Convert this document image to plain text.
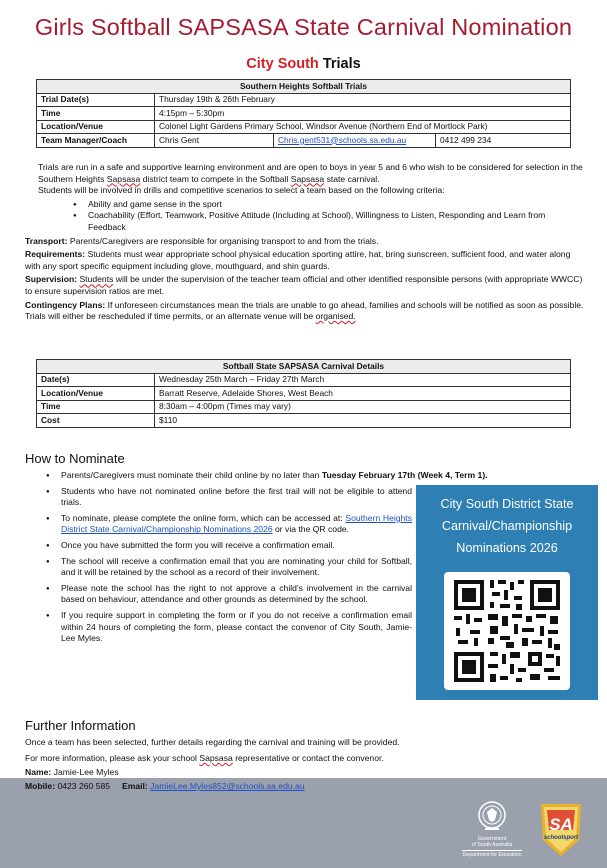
Girls Softball SAPSASA State Carnival Nomination
City South Trials
Southern Heights Softball Trials			
Trial Date(s)	Thursday 19th & 26th February		
Time	4:15pm – 5:30pm		
Location/Venue	Colonel Light Gardens Primary School, Windsor Avenue (Northern End of Mortlock Park)		
Team Manager/Coach	Chris Gent	Chris.gent531@schools.sa.edu.au	0412 499 234
Trials are run in a safe and supportive learning environment and are open to boys in year 5 and 6 who wish to be considered for selection in the Southern Heights Sapsasa district team to compete in the Softball Sapsasa state carnival.
Students will be involved in drills and competitive scenarios to select a team based on the following criteria:
● Ability and game sense in the sport
● Coachability (Effort, Teamwork, Positive Attitude (Including at School), Willingness to Listen, Responding and Learn from Feedback
Transport: Parents/Caregivers are responsible for organising transport to and from the trials.
Requirements: Students must wear appropriate school physical education sporting attire, hat, bring sunscreen, sufficient food, and water along with any sport specific equipment including glove, mouthguard, and shin guards.
Supervision: Students will be under the supervision of the teacher team official and other identified responsible persons (with appropriate WWCC) to ensure supervision ratios are met.
Contingency Plans: If unforeseen circumstances mean the trials are unable to go ahead, families and schools will be notified as soon as possible. Trials will either be rescheduled if time permits, or an alternate venue will be organised.
Softball State SAPSASA Carnival Details	
Date(s)	Wednesday 25th March – Friday 27th March
Location/Venue	Barratt Reserve, Adelaide Shores, West Beach
Time	8:30am – 4:00pm (Times may vary)
Cost	$110
How to Nominate
● Parents/Caregivers must nominate their child online by no later than Tuesday February 17th (Week 4, Term 1).
● Students who have not nominated online before the first trail will not be eligible to attend trials.
● To nominate, please complete the online form, which can be accessed at: Southern Heights District State Carnival/Championship Nominations 2026 or via the QR code.
● Once you have submitted the form you will receive a confirmation email.
● The school will receive a confirmation email that you are nominating your child for Softball, and it will be retained by the school as a record of their involvement.
● Please note the school has the right to not approve a child’s involvement in the carnival based on behaviour, attendance and other grounds as determined by the school.
● If you require support in completing the form or if you do not receive a confirmation email within 24 hours of completing the form, please contact the convenor of City South, Jamie-Lee Myles.
City South District State
Carnival/Championship
Nominations 2026
Further Information
Once a team has been selected, further details regarding the carnival and training will be provided.
For more information, please ask your school Sapsasa representative or contact the convenor.
Name: Jamie-Lee Myles
Mobile: 0423 260 585 Email: JamieLee.Myles852@schools.sa.edu.au
Government
of South Australia
Department for Education
SA
schoolsport
